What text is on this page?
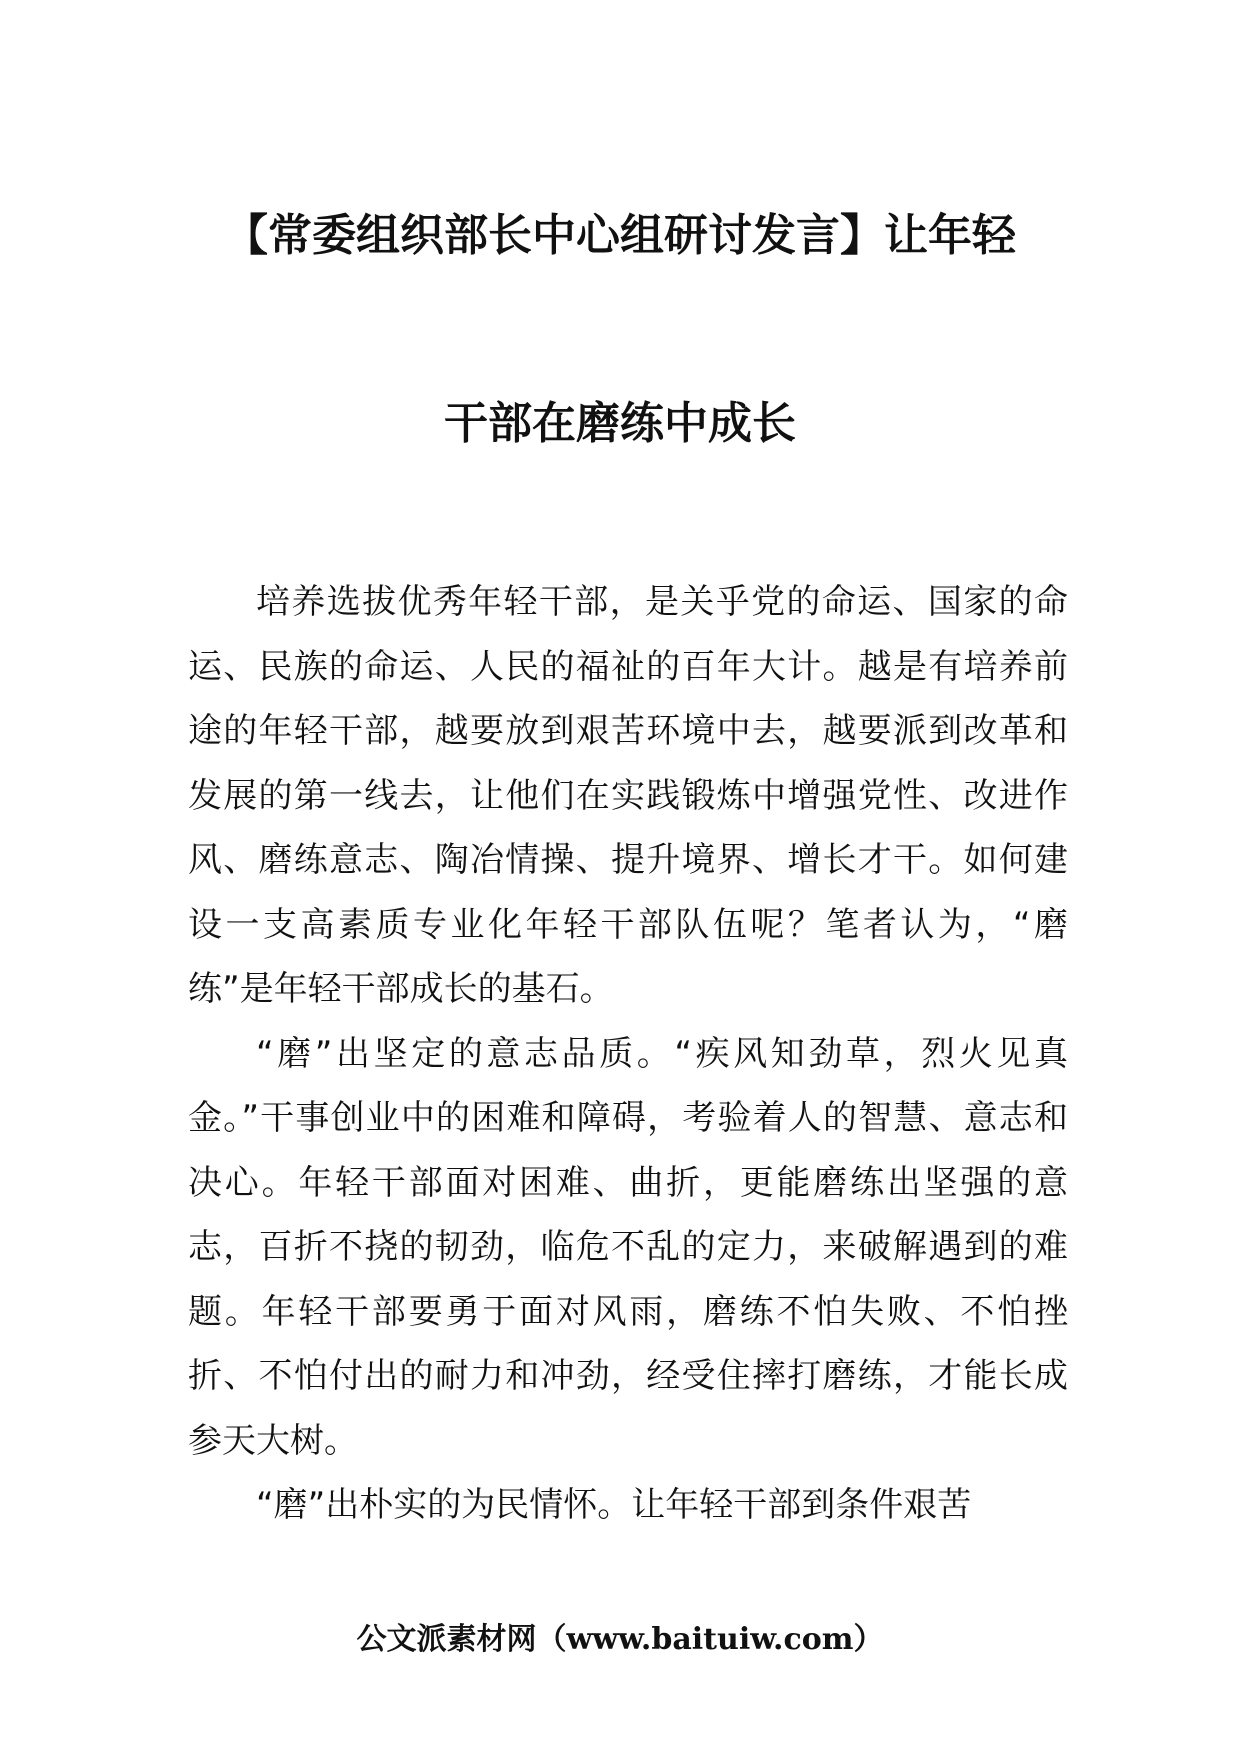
【常委组织部长中心组研讨发言】让年轻
干部在磨练中成长

培养选拔优秀年轻干部，是关乎党的命运、国家的命运、民族的命运、人民的福祉的百年大计。越是有培养前途的年轻干部，越要放到艰苦环境中去，越要派到改革和发展的第一线去，让他们在实践锻炼中增强党性、改进作风、磨练意志、陶冶情操、提升境界、增长才干。如何建设一支高素质专业化年轻干部队伍呢？笔者认为，“磨练”是年轻干部成长的基石。

“磨”出坚定的意志品质。“疾风知劲草，烈火见真金。”干事创业中的困难和障碍，考验着人的智慧、意志和决心。年轻干部面对困难、曲折，更能磨练出坚强的意志，百折不挠的韧劲，临危不乱的定力，来破解遇到的难题。年轻干部要勇于面对风雨，磨练不怕失败、不怕挫折、不怕付出的耐力和冲劲，经受住摔打磨练，才能长成参天大树。

“磨”出朴实的为民情怀。让年轻干部到条件艰苦

公文派素材网（www.baituiw.com）
